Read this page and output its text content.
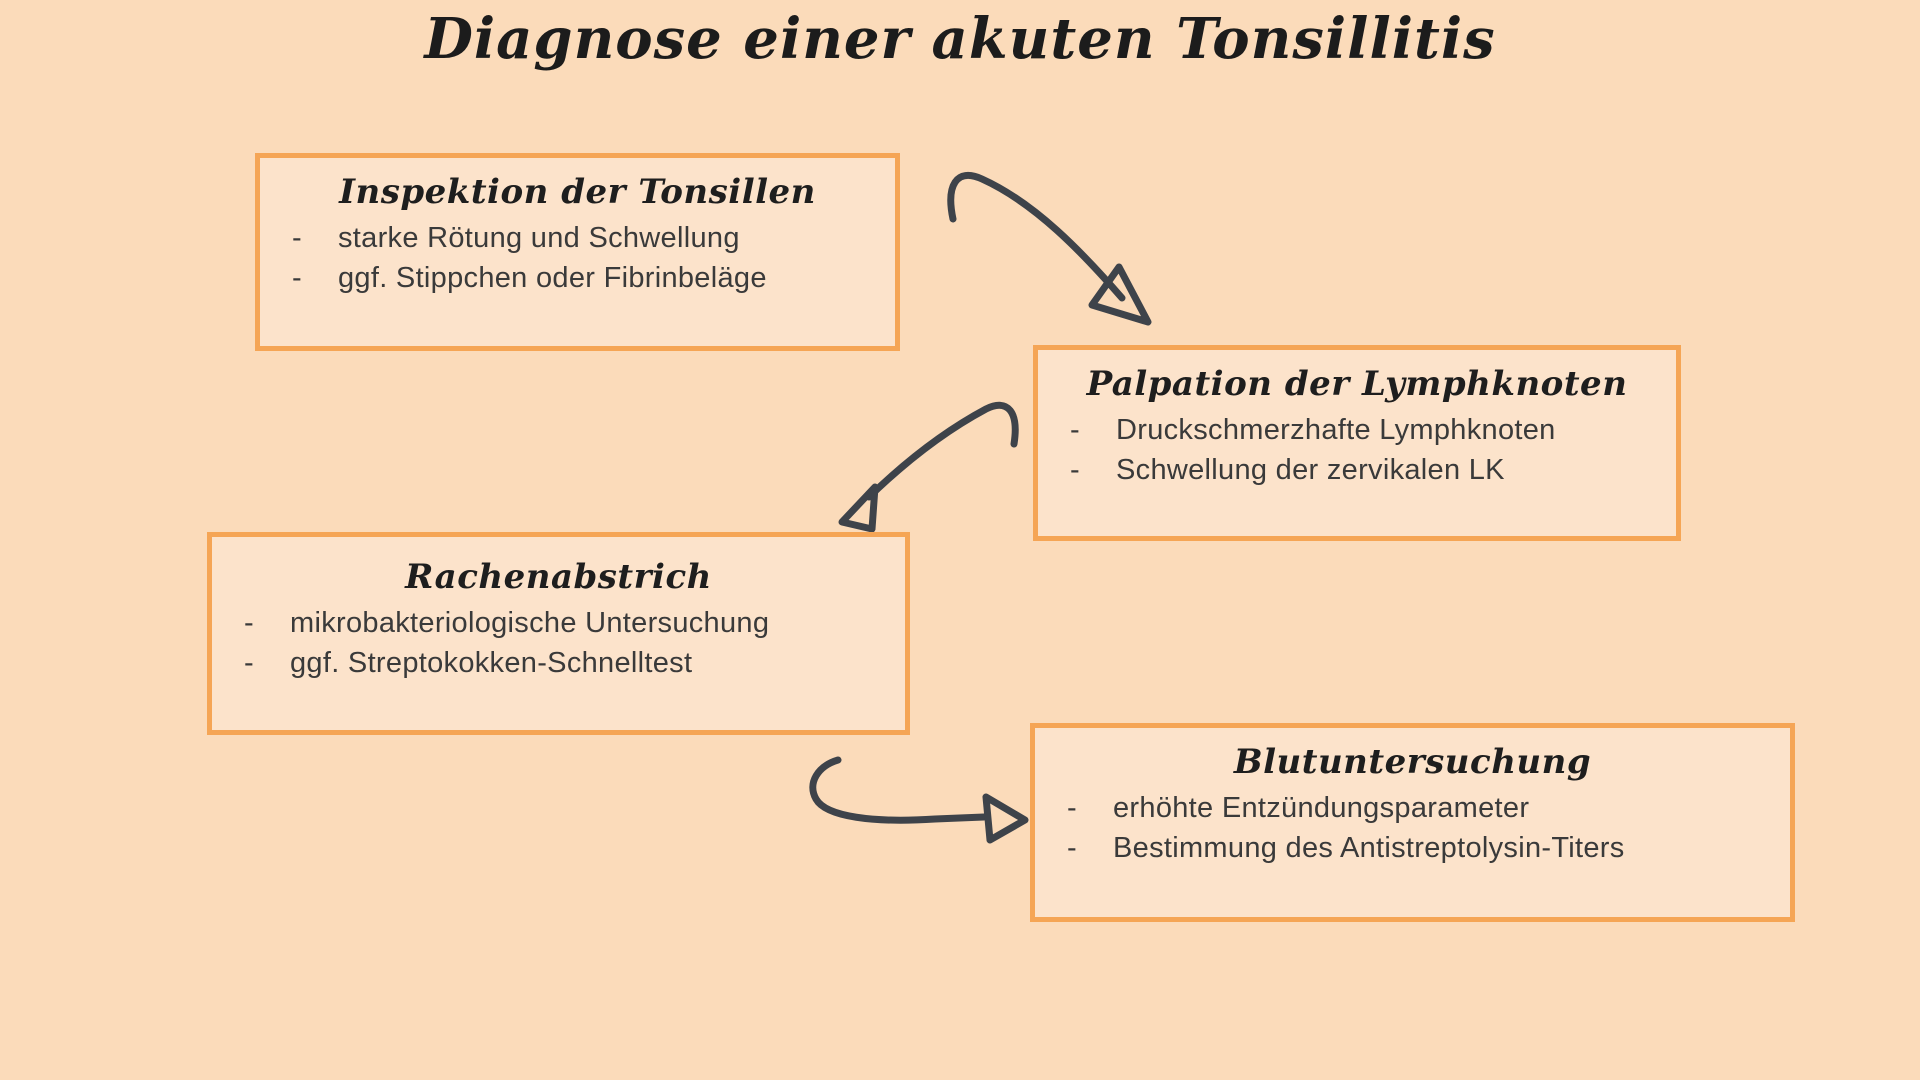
Diagnose einer akuten Tonsillitis
Inspektion der Tonsillen
-	starke Rötung und Schwellung
-	ggf. Stippchen oder Fibrinbeläge
Palpation der Lymphknoten
-	Druckschmerzhafte Lymphknoten
-	Schwellung der zervikalen LK
Rachenabstrich
-	mikrobakteriologische Untersuchung
-	ggf. Streptokokken-Schnelltest
Blutuntersuchung
-	erhöhte Entzündungsparameter
-	Bestimmung des Antistreptolysin-Titers
